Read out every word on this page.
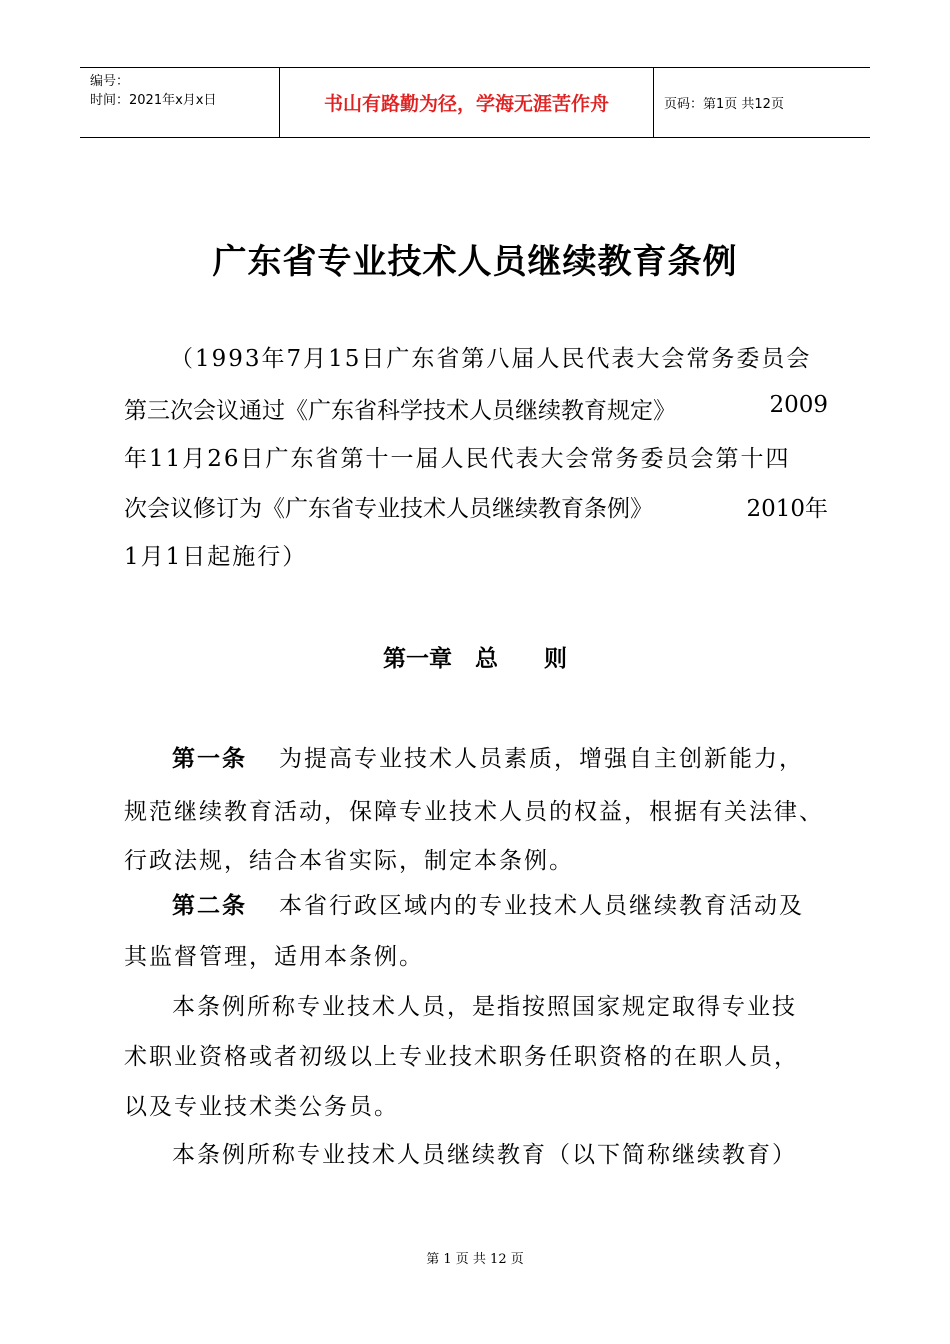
编号：
时间：2021年x月x日	书山有路勤为径，学海无涯苦作舟	页码：第1页 共12页
广东省专业技术人员继续教育条例
（1993年7月15日广东省第八届人民代表大会常务委员会
第三次会议通过《广东省科学技术人员继续教育规定》	2009
年11月26日广东省第十一届人民代表大会常务委员会第十四
次会议修订为《广东省专业技术人员继续教育条例》	2010年
1月1日起施行）
第一章　总　　则
第一条 为提高专业技术人员素质，增强自主创新能力，
规范继续教育活动，保障专业技术人员的权益，根据有关法律、
行政法规，结合本省实际，制定本条例。
第二条 本省行政区域内的专业技术人员继续教育活动及
其监督管理，适用本条例。
本条例所称专业技术人员，是指按照国家规定取得专业技
术职业资格或者初级以上专业技术职务任职资格的在职人员，
以及专业技术类公务员。
本条例所称专业技术人员继续教育（以下简称继续教育）
第 1 页 共 12 页
